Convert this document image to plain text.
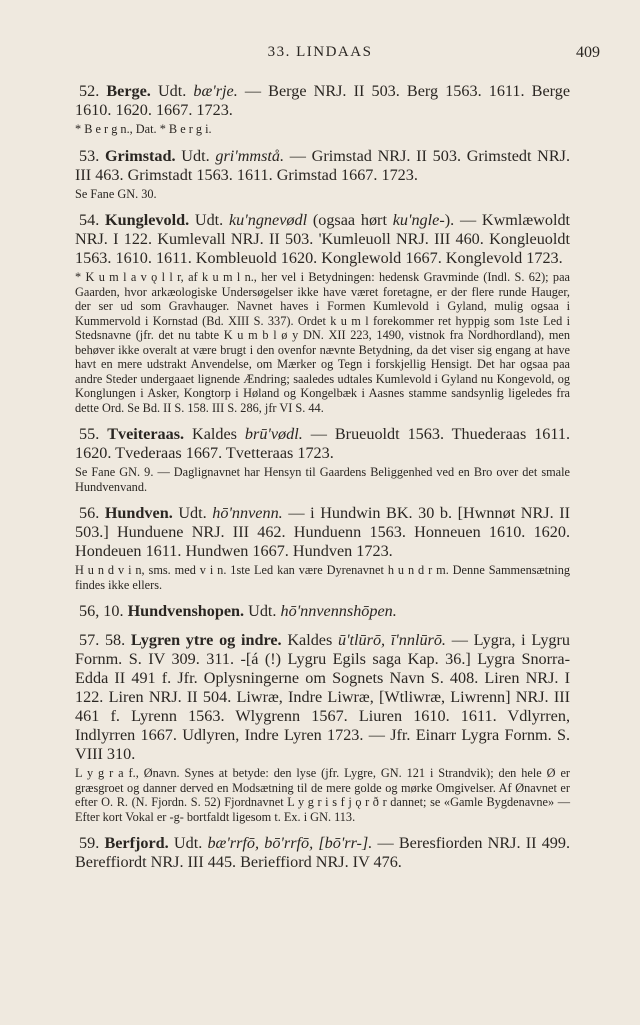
33. LINDAAS	409

52. Berge. Udt. bæ'rje. — Berge NRJ. II 503. Berg 1563. 1611. Berge 1610. 1620. 1667. 1723.

* B e r g n., Dat. * B e r g i.

53. Grimstad. Udt. gri'mmstå. — Grimstad NRJ. II 503. Grimstedt NRJ. III 463. Grimstadt 1563. 1611. Grimstad 1667. 1723.

Se Fane GN. 30.

54. Kunglevold. Udt. ku'ngnevødl (ogsaa hørt ku'ngle-). — Kwmlæwoldt NRJ. I 122. Kumlevall NRJ. II 503. 'Kumleuoll NRJ. III 460. Kongleuoldt 1563. 1610. 1611. Kombleuold 1620. Konglewold 1667. Konglevold 1723.

* K u m l a v ǫ l l r, af k u m l n., her vel i Betydningen: hedensk Gravminde (Indl. S. 62); paa Gaarden, hvor arkæologiske Undersøgelser ikke have været foretagne, er der flere runde Hauger, der ser ud som Gravhauger. Navnet haves i Formen Kumlevold i Gyland, mulig ogsaa i Kummervold i Kornstad (Bd. XIII S. 337). Ordet k u m l forekommer ret hyppig som 1ste Led i Stedsnavne (jfr. det nu tabte K u m b l ø y DN. XII 223, 1490, vistnok fra Nordhordland), men behøver ikke overalt at være brugt i den ovenfor nævnte Betydning, da det viser sig engang at have havt en mere udstrakt Anvendelse, om Mærker og Tegn i forskjellig Hensigt. Det har ogsaa paa andre Steder undergaaet lignende Ændring; saaledes udtales Kumlevold i Gyland nu Kongevold, og Konglungen i Asker, Kongtorp i Høland og Kongelbæk i Aasnes stamme sandsynlig ligeledes fra dette Ord. Se Bd. II S. 158. III S. 286, jfr VI S. 44.

55. Tveiteraas. Kaldes brū'vødl. — Brueuoldt 1563. Thuederaas 1611. 1620. Tvederaas 1667. Tvetteraas 1723.

Se Fane GN. 9. — Daglignavnet har Hensyn til Gaardens Beliggenhed ved en Bro over det smale Hundvenvand.

56. Hundven. Udt. hō'nnvenn. — i Hundwin BK. 30 b. [Hwnnøt NRJ. II 503.] Hunduene NRJ. III 462. Hunduenn 1563. Honneuen 1610. 1620. Hondeuen 1611. Hundwen 1667. Hundven 1723.

H u n d v i n, sms. med v i n. 1ste Led kan være Dyrenavnet h u n d r m. Denne Sammensætning findes ikke ellers.

56, 10. Hundvenshopen. Udt. hō'nnvennshōpen.

57. 58. Lygren ytre og indre. Kaldes ū'tlūrō, ī'nnlūrō. — Lygra, i Lygru Fornm. S. IV 309. 311. -[á (!) Lygru Egils saga Kap. 36.] Lygra Snorra-Edda II 491 f. Jfr. Oplysningerne om Sognets Navn S. 408. Liren NRJ. I 122. Liren NRJ. II 504. Liwræ, Indre Liwræ, [Wtliwræ, Liwrenn] NRJ. III 461 f. Lyrenn 1563. Wlygrenn 1567. Liuren 1610. 1611. Vdlyrren, Indlyrren 1667. Udlyren, Indre Lyren 1723. — Jfr. Einarr Lygra Fornm. S. VIII 310.

L y g r a f., Ønavn. Synes at betyde: den lyse (jfr. Lygre, GN. 121 i Strandvik); den hele Ø er græsgroet og danner derved en Modsætning til de mere golde og mørke Omgivelser. Af Ønavnet er efter O. R. (N. Fjordn. S. 52) Fjordnavnet L y g r i s f j ǫ r ð r dannet; se «Gamle Bygdenavne» — Efter kort Vokal er -g- bortfaldt ligesom t. Ex. i GN. 113.

59. Berfjord. Udt. bæ'rrfō, bō'rrfō, [bō'rr-]. — Beresfiorden NRJ. II 499. Bereffiordt NRJ. III 445. Berieffiord NRJ. IV 476.
